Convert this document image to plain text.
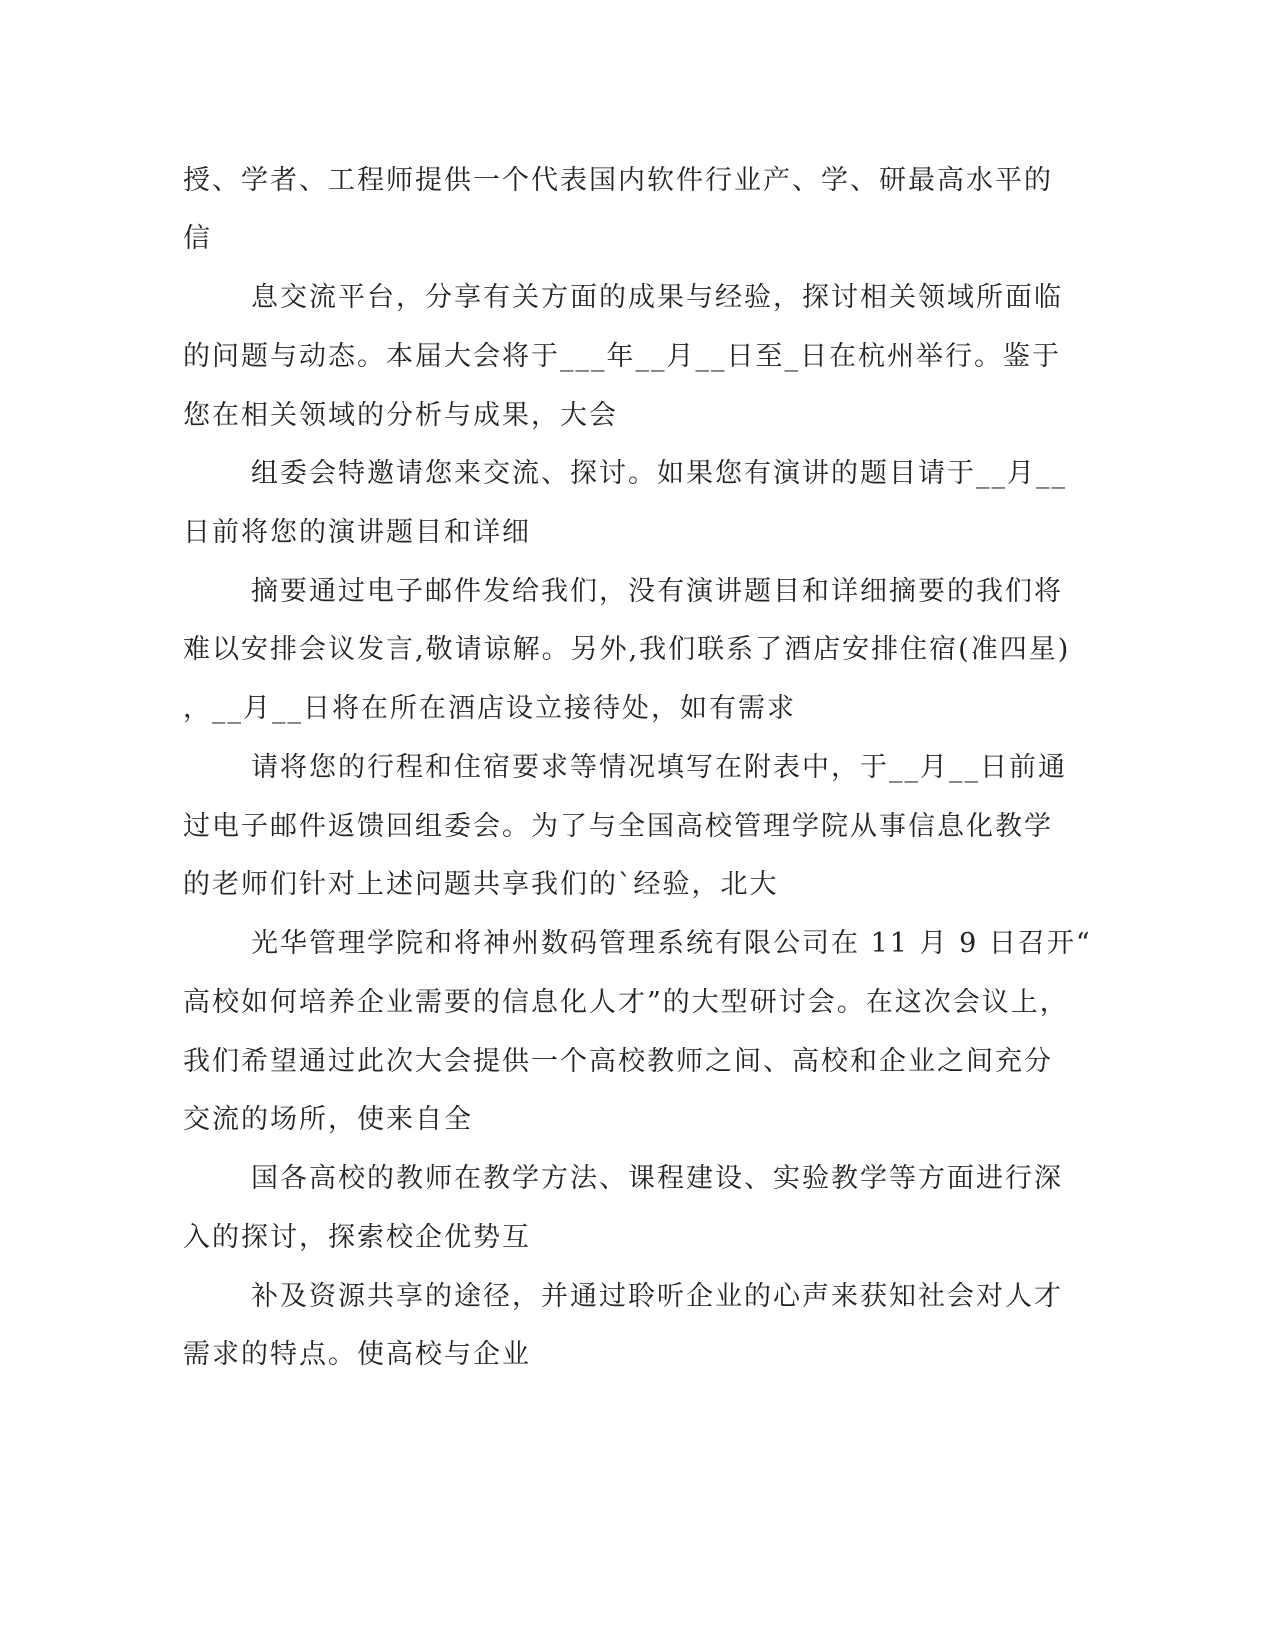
授、学者、工程师提供一个代表国内软件行业产、学、研最高水平的
信
息交流平台，分享有关方面的成果与经验，探讨相关领域所面临
的问题与动态。本届大会将于___年__月__日至_日在杭州举行。鉴于
您在相关领域的分析与成果，大会
组委会特邀请您来交流、探讨。如果您有演讲的题目请于__月__
日前将您的演讲题目和详细
摘要通过电子邮件发给我们，没有演讲题目和详细摘要的我们将
难以安排会议发言,敬请谅解。另外,我们联系了酒店安排住宿(准四星)
，__月__日将在所在酒店设立接待处，如有需求
请将您的行程和住宿要求等情况填写在附表中，于__月__日前通
过电子邮件返馈回组委会。为了与全国高校管理学院从事信息化教学
的老师们针对上述问题共享我们的`经验，北大
光华管理学院和将神州数码管理系统有限公司在 11 月 9 日召开“
高校如何培养企业需要的信息化人才”的大型研讨会。在这次会议上，
我们希望通过此次大会提供一个高校教师之间、高校和企业之间充分
交流的场所，使来自全
国各高校的教师在教学方法、课程建设、实验教学等方面进行深
入的探讨，探索校企优势互
补及资源共享的途径，并通过聆听企业的心声来获知社会对人才
需求的特点。使高校与企业
